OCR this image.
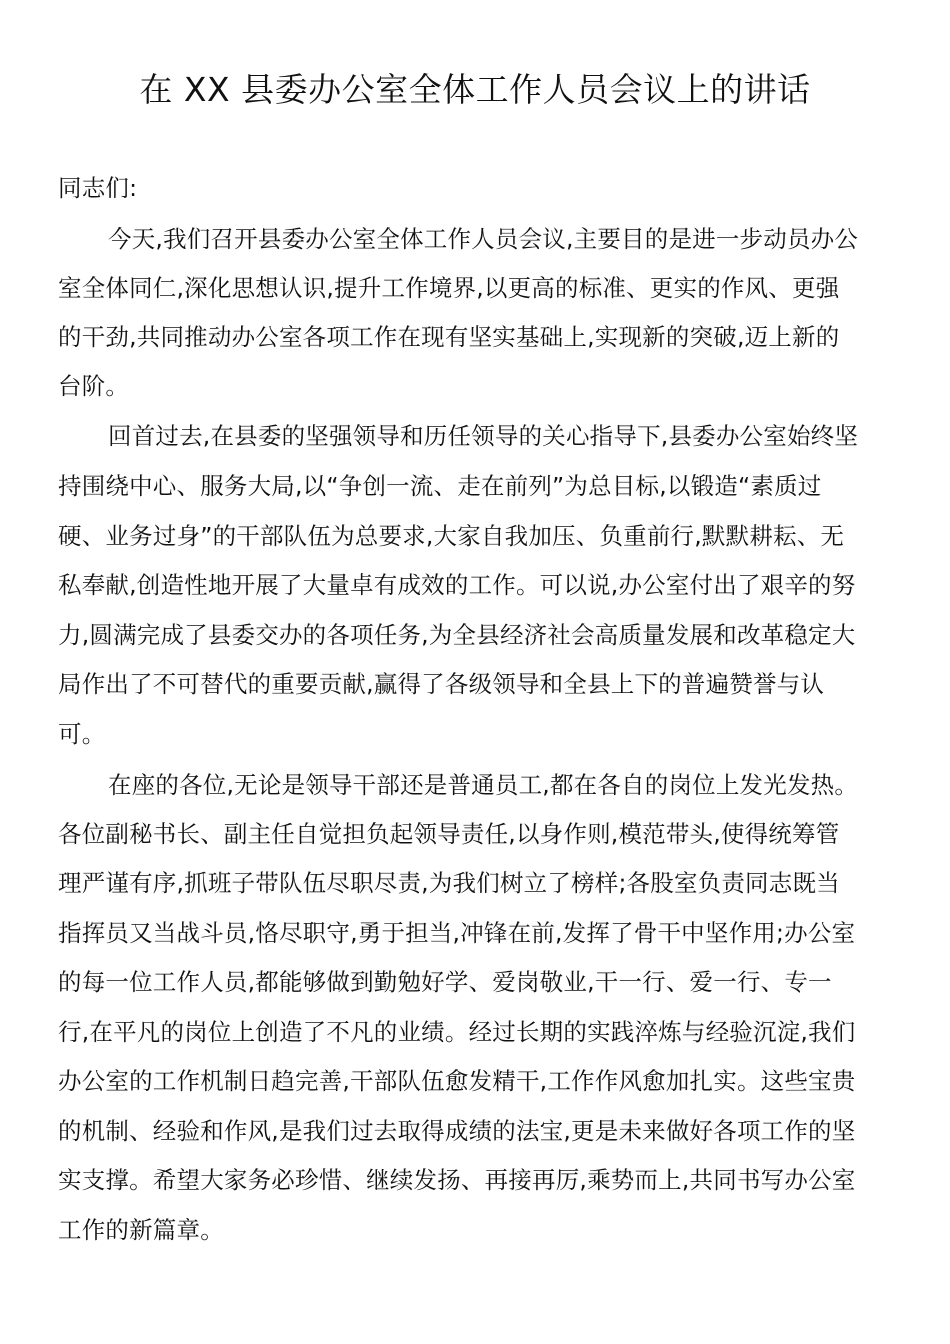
在 XX 县委办公室全体工作人员会议上的讲话
同志们:
今天,我们召开县委办公室全体工作人员会议,主要目的是进一步动员办公
室全体同仁,深化思想认识,提升工作境界,以更高的标准、更实的作风、更强
的干劲,共同推动办公室各项工作在现有坚实基础上,实现新的突破,迈上新的
台阶。
回首过去,在县委的坚强领导和历任领导的关心指导下,县委办公室始终坚
持围绕中心、服务大局,以“争创一流、走在前列”为总目标,以锻造“素质过
硬、业务过身”的干部队伍为总要求,大家自我加压、负重前行,默默耕耘、无
私奉献,创造性地开展了大量卓有成效的工作。可以说,办公室付出了艰辛的努
力,圆满完成了县委交办的各项任务,为全县经济社会高质量发展和改革稳定大
局作出了不可替代的重要贡献,赢得了各级领导和全县上下的普遍赞誉与认
可。
在座的各位,无论是领导干部还是普通员工,都在各自的岗位上发光发热。
各位副秘书长、副主任自觉担负起领导责任,以身作则,模范带头,使得统筹管
理严谨有序,抓班子带队伍尽职尽责,为我们树立了榜样;各股室负责同志既当
指挥员又当战斗员,恪尽职守,勇于担当,冲锋在前,发挥了骨干中坚作用;办公室
的每一位工作人员,都能够做到勤勉好学、爱岗敬业,干一行、爱一行、专一
行,在平凡的岗位上创造了不凡的业绩。经过长期的实践淬炼与经验沉淀,我们
办公室的工作机制日趋完善,干部队伍愈发精干,工作作风愈加扎实。这些宝贵
的机制、经验和作风,是我们过去取得成绩的法宝,更是未来做好各项工作的坚
实支撑。希望大家务必珍惜、继续发扬、再接再厉,乘势而上,共同书写办公室
工作的新篇章。
